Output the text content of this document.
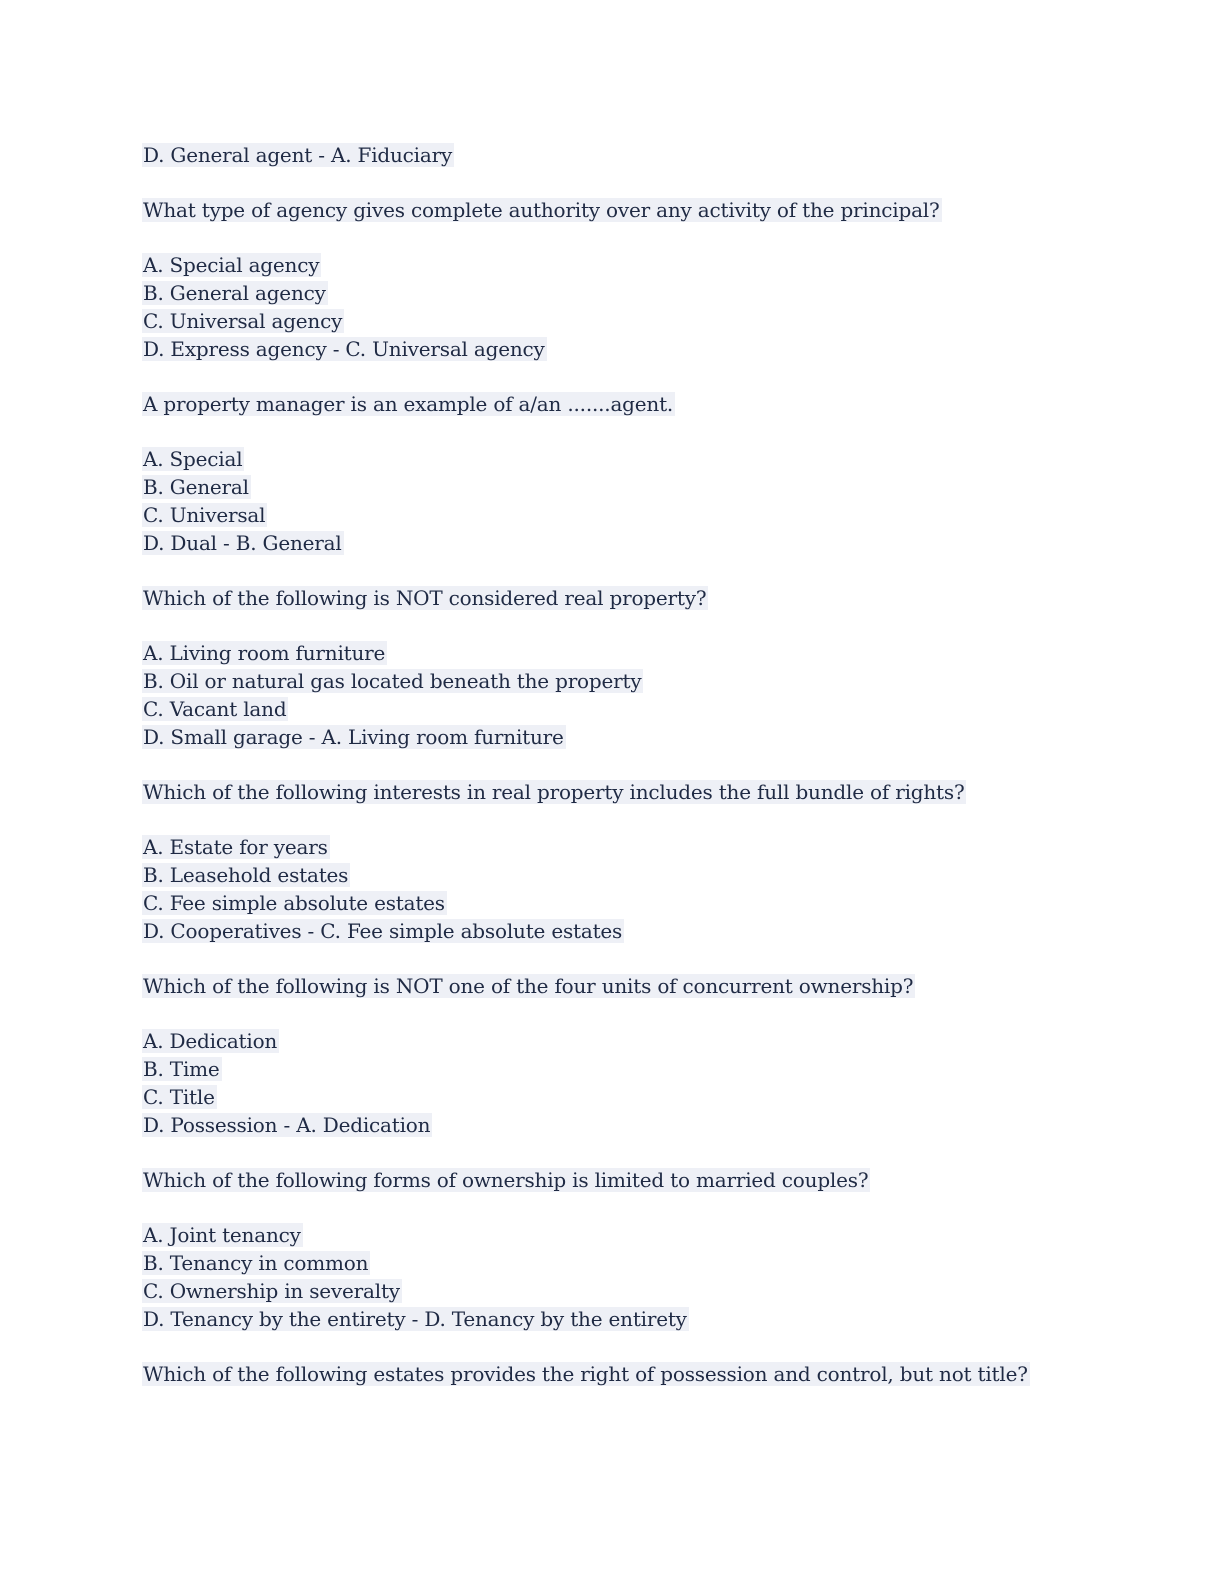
D. General agent - A. Fiduciary
What type of agency gives complete authority over any activity of the principal?
A. Special agency
B. General agency
C. Universal agency
D. Express agency - C. Universal agency
A property manager is an example of a/an .......agent.
A. Special
B. General
C. Universal
D. Dual - B. General
Which of the following is NOT considered real property?
A. Living room furniture
B. Oil or natural gas located beneath the property
C. Vacant land
D. Small garage - A. Living room furniture
Which of the following interests in real property includes the full bundle of rights?
A. Estate for years
B. Leasehold estates
C. Fee simple absolute estates
D. Cooperatives - C. Fee simple absolute estates
Which of the following is NOT one of the four units of concurrent ownership?
A. Dedication
B. Time
C. Title
D. Possession - A. Dedication
Which of the following forms of ownership is limited to married couples?
A. Joint tenancy
B. Tenancy in common
C. Ownership in severalty
D. Tenancy by the entirety - D. Tenancy by the entirety
Which of the following estates provides the right of possession and control, but not title?
